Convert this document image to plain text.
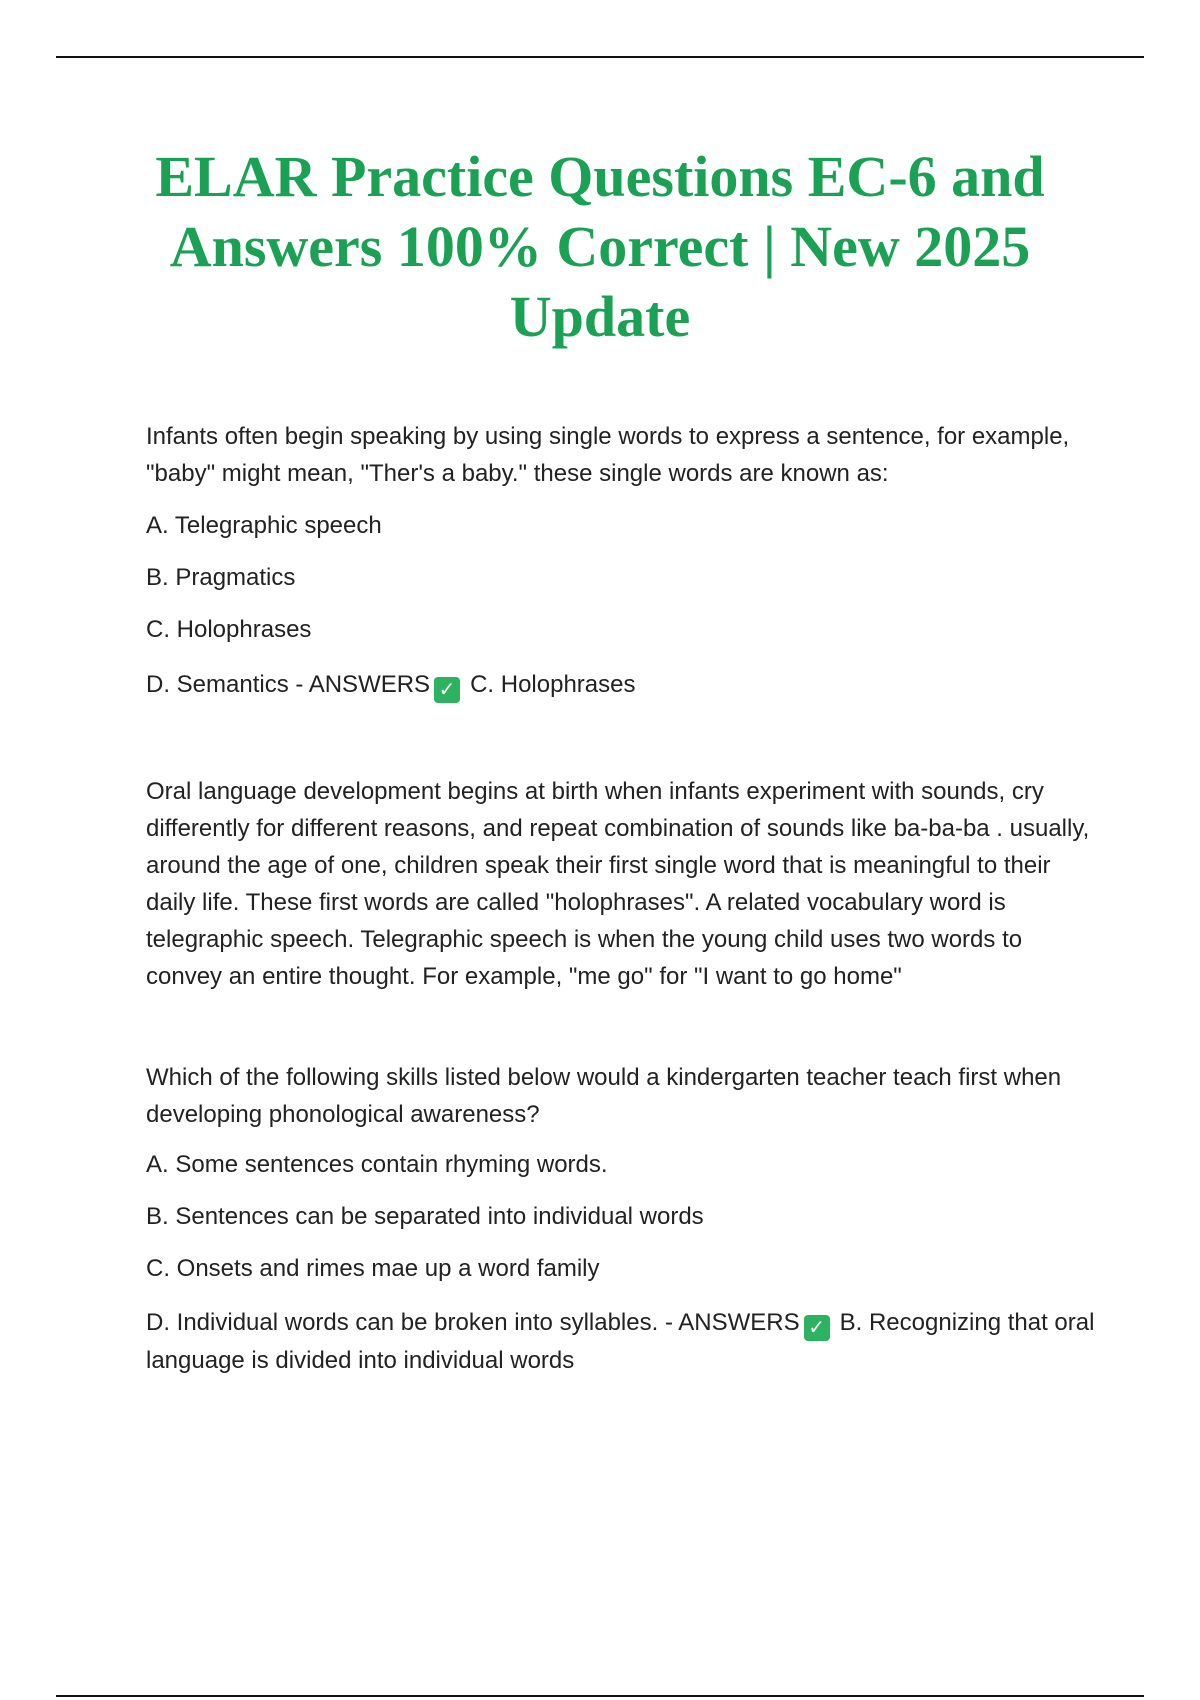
ELAR Practice Questions EC-6 and Answers 100% Correct | New 2025 Update

Infants often begin speaking by using single words to express a sentence, for example, "baby" might mean, "Ther's a baby." these single words are known as:

A. Telegraphic speech
B. Pragmatics
C. Holophrases
D. Semantics - ANSWERS ✓ C. Holophrases

Oral language development begins at birth when infants experiment with sounds, cry differently for different reasons, and repeat combination of sounds like ba-ba-ba . usually, around the age of one, children speak their first single word that is meaningful to their daily life. These first words are called "holophrases". A related vocabulary word is telegraphic speech. Telegraphic speech is when the young child uses two words to convey an entire thought. For example, "me go" for "I want to go home"

Which of the following skills listed below would a kindergarten teacher teach first when developing phonological awareness?

A. Some sentences contain rhyming words.
B. Sentences can be separated into individual words
C. Onsets and rimes mae up a word family
D. Individual words can be broken into syllables. - ANSWERS ✓ B. Recognizing that oral language is divided into individual words
